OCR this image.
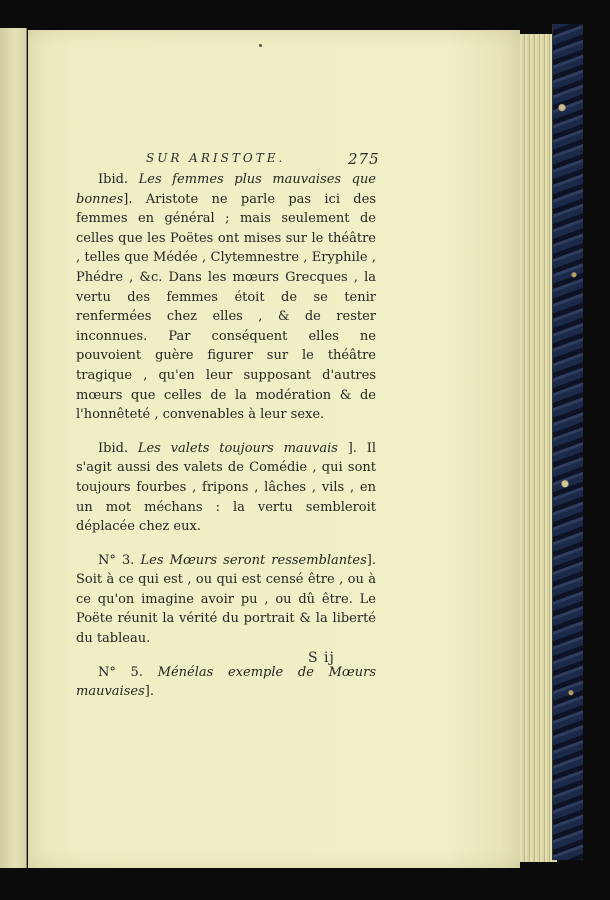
SUR ARISTOTE.	275

Ibid. Les femmes plus mauvaises que bonnes]. Aristote ne parle pas ici des femmes en général ; mais seulement de celles que les Poëtes ont mises sur le théâtre , telles que Médée , Clytemnestre , Eryphile , Phédre , &c. Dans les mœurs Grecques , la vertu des femmes étoit de se tenir renfermées chez elles , & de rester inconnues. Par conséquent elles ne pouvoient guère figurer sur le théâtre tragique , qu'en leur supposant d'autres mœurs que celles de la modération & de l'honnêteté , convenables à leur sexe.

Ibid. Les valets toujours mauvais ]. Il s'agit aussi des valets de Comédie , qui sont toujours fourbes , fripons , lâches , vils , en un mot méchans : la vertu sembleroit déplacée chez eux.

N° 3. Les Mœurs seront ressemblantes]. Soit à ce qui est , ou qui est censé être , ou à ce qu'on imagine avoir pu , ou dû être. Le Poëte réunit la vérité du portrait & la liberté du tableau.

N° 5. Ménélas exemple de Mœurs mauvaises].

S ij
